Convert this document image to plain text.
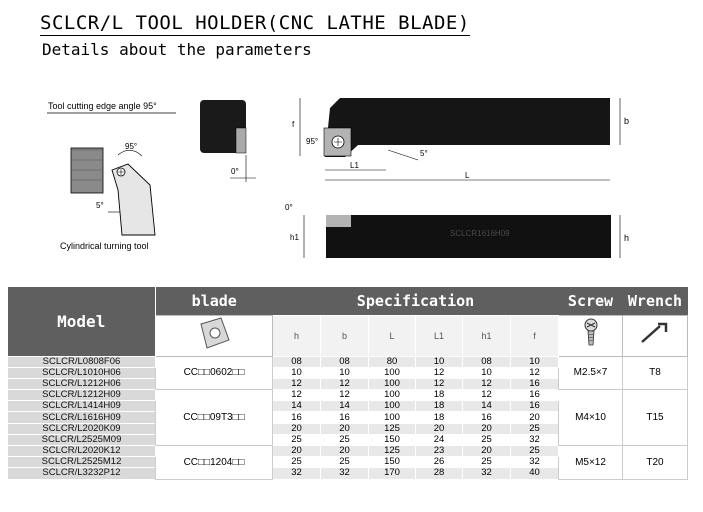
SCLCR/L TOOL HOLDER(CNC LATHE BLADE)
Details about the parameters
Tool cutting edge angle 95°
95°
5°
Cylindrical turning tool
0°
95°
5°
f	b
L1
L
0°
SCLCR1616H09
h1	h
Model	blade	Specification						Screw	Wrench
	h	b	L	L1	h1	f		
SCLCR/L0808F06	CC□□0602□□	08	08	80	10	08	10	M2.5×7	T8
SCLCR/L1010H06		10	10	100	12	10	12		
SCLCR/L1212H06		12	12	100	12	12	16		
SCLCR/L1212H09	CC□□09T3□□	12	12	100	18	12	16	M4×10	T15
SCLCR/L1414H09		14	14	100	18	14	16		
SCLCR/L1616H09		16	16	100	18	16	20		
SCLCR/L2020K09		20	20	125	20	20	25		
SCLCR/L2525M09		25	25	150	24	25	32		
SCLCR/L2020K12	CC□□1204□□	20	20	125	23	20	25	M5×12	T20
SCLCR/L2525M12		25	25	150	26	25	32		
SCLCR/L3232P12		32	32	170	28	32	40		
